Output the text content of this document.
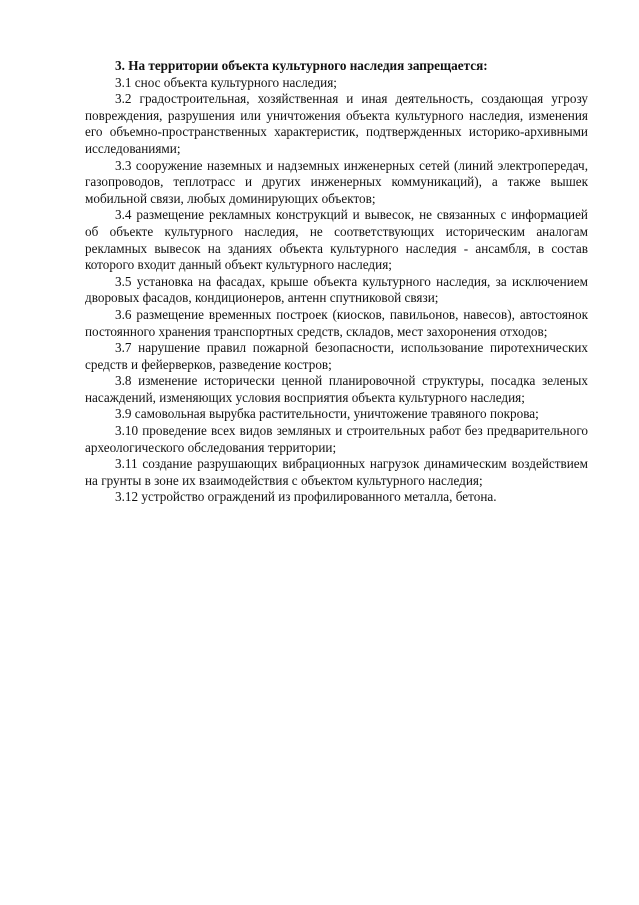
3. На территории объекта культурного наследия запрещается:

3.1 снос объекта культурного наследия;

3.2 градостроительная, хозяйственная и иная деятельность, создающая угрозу повреждения, разрушения или уничтожения объекта культурного наследия, изменения его объемно-пространственных характеристик, подтвержденных историко-архивными исследованиями;

3.3 сооружение наземных и надземных инженерных сетей (линий электропередач, газопроводов, теплотрасс и других инженерных коммуникаций), а также вышек мобильной связи, любых доминирующих объектов;

3.4 размещение рекламных конструкций и вывесок, не связанных с информацией об объекте культурного наследия, не соответствующих историческим аналогам рекламных вывесок на зданиях объекта культурного наследия - ансамбля, в состав которого входит данный объект культурного наследия;

3.5 установка на фасадах, крыше объекта культурного наследия, за исключением дворовых фасадов, кондиционеров, антенн спутниковой связи;

3.6 размещение временных построек (киосков, павильонов, навесов), автостоянок постоянного хранения транспортных средств, складов, мест захоронения отходов;

3.7 нарушение правил пожарной безопасности, использование пиротехнических средств и фейерверков, разведение костров;

3.8 изменение исторически ценной планировочной структуры, посадка зеленых насаждений, изменяющих условия восприятия объекта культурного наследия;

3.9 самовольная вырубка растительности, уничтожение травяного покрова;

3.10 проведение всех видов земляных и строительных работ без предварительного археологического обследования территории;

3.11 создание разрушающих вибрационных нагрузок динамическим воздействием на грунты в зоне их взаимодействия с объектом культурного наследия;

3.12 устройство ограждений из профилированного металла, бетона.
